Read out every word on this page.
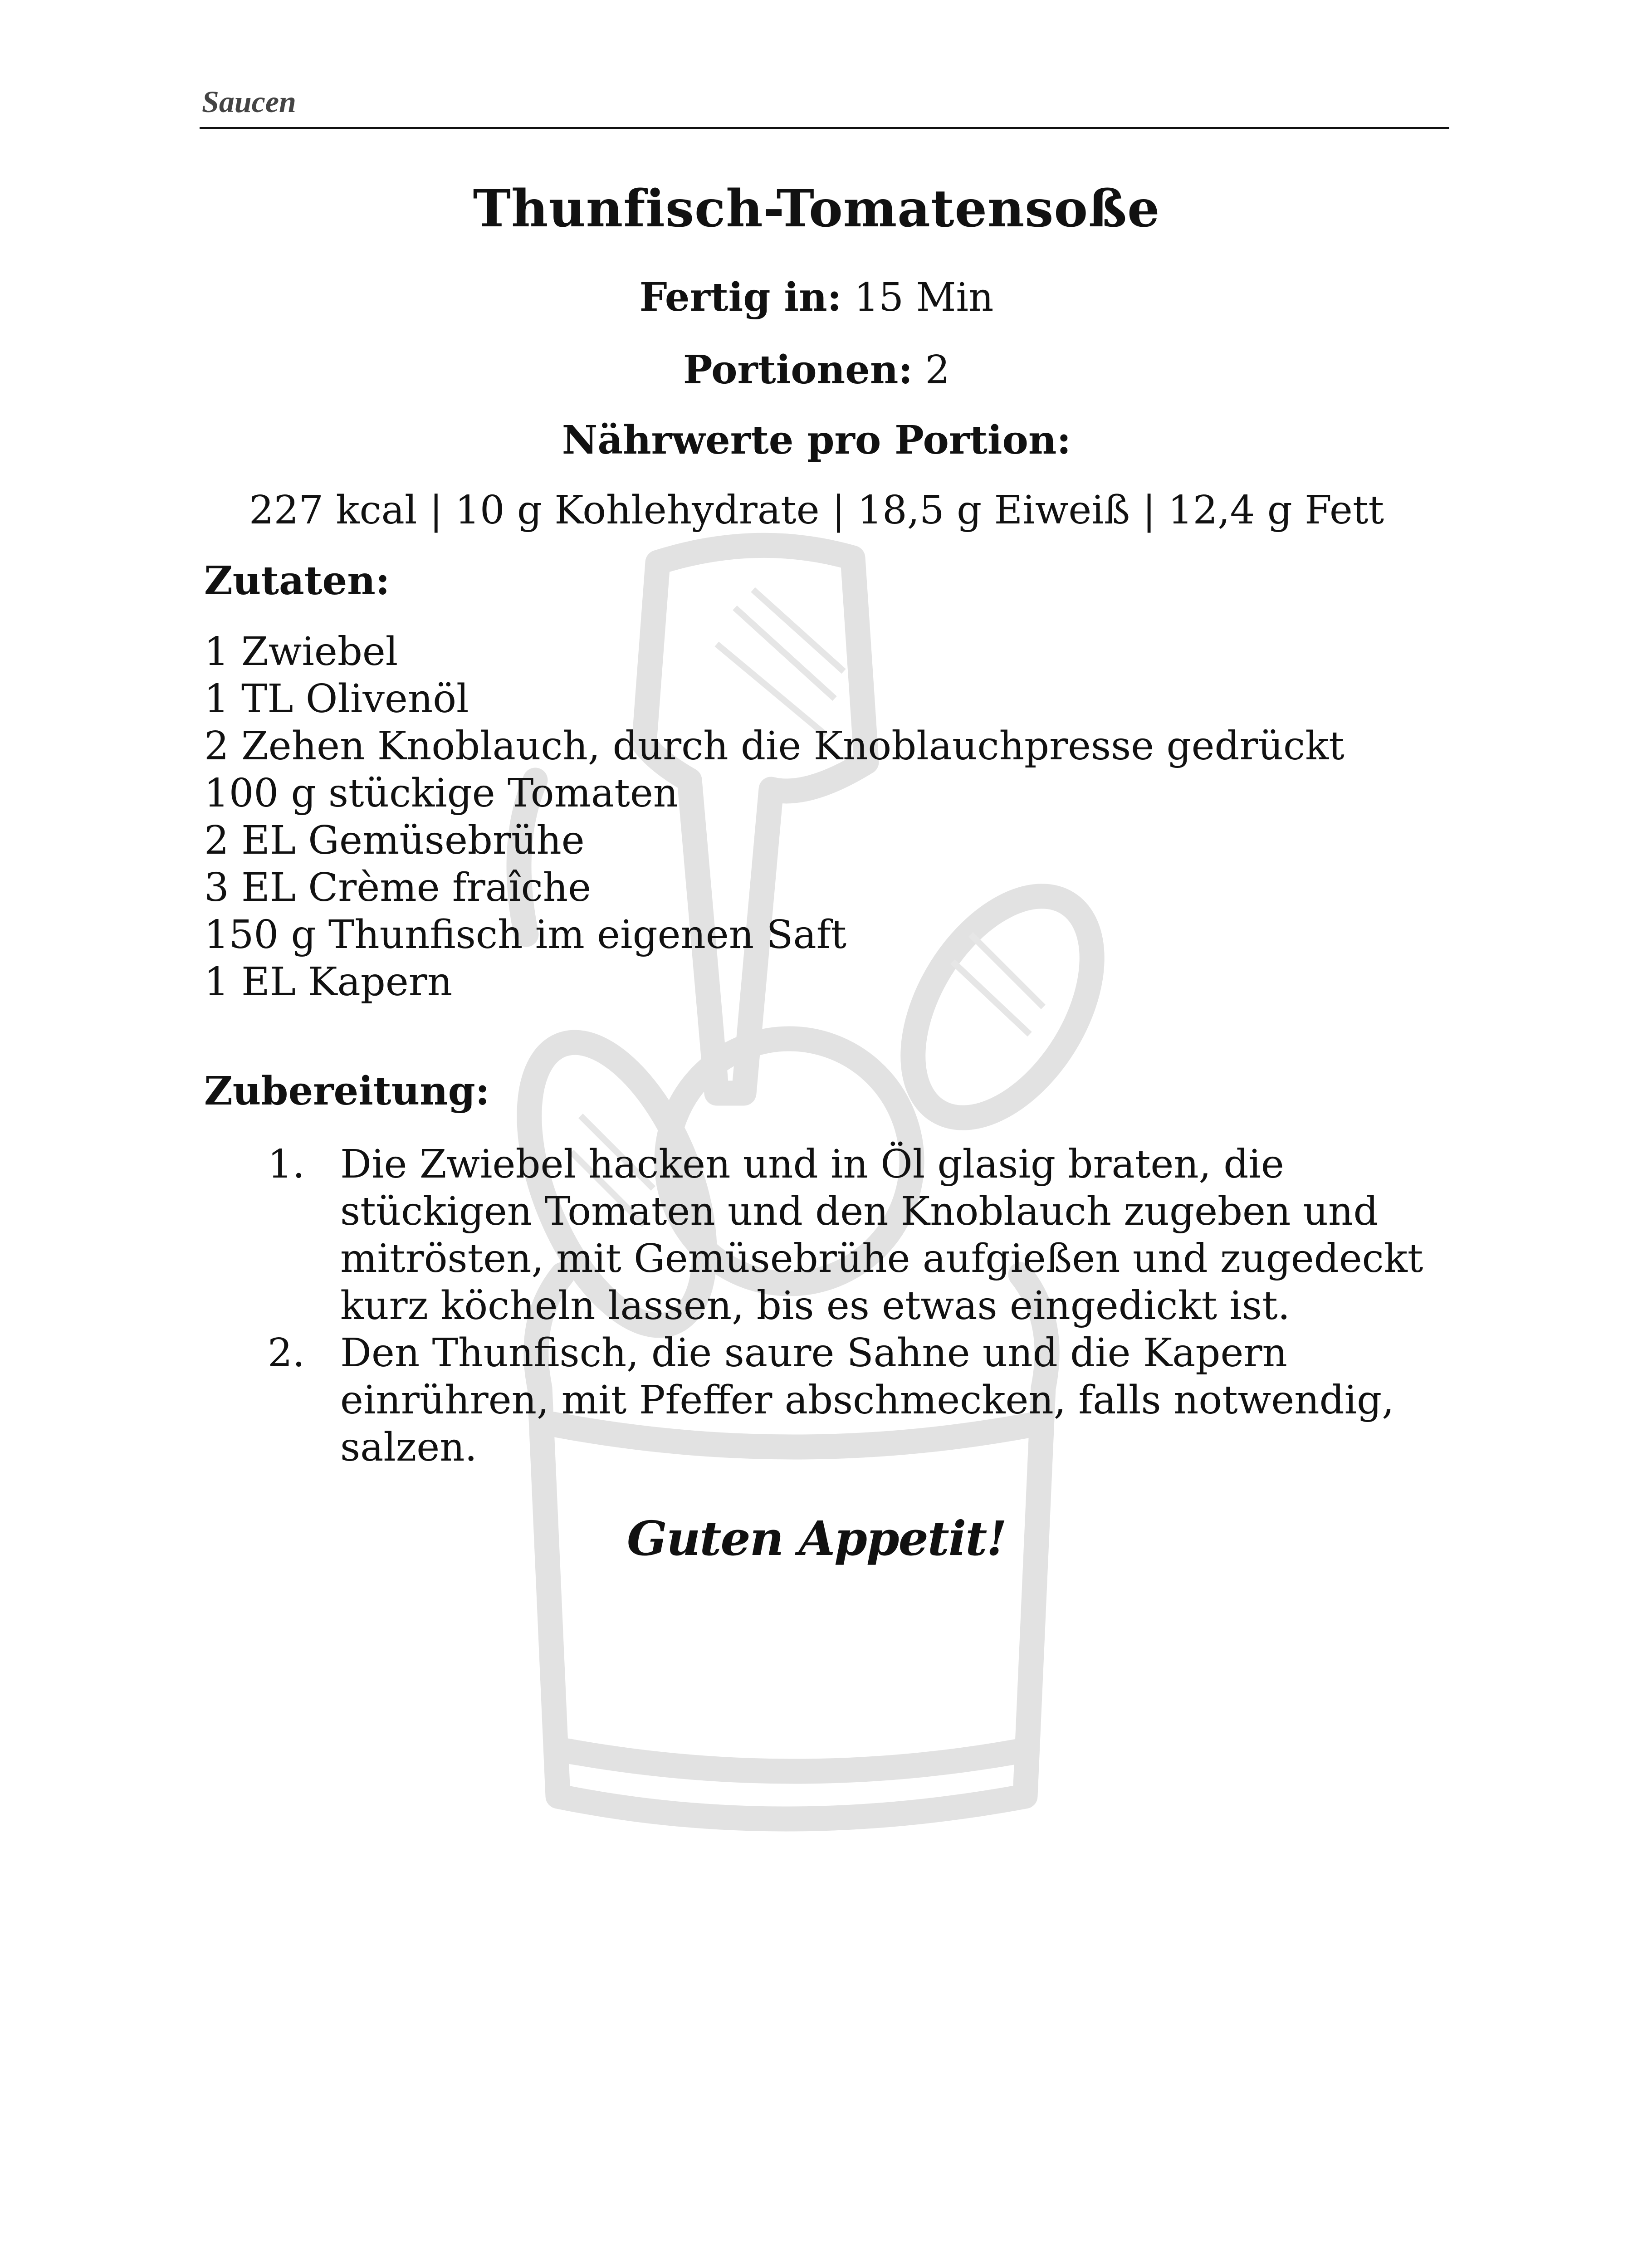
Saucen
Thunfisch-Tomatensoße
Fertig in: 15 Min
Portionen: 2
Nährwerte pro Portion:
227 kcal | 10 g Kohlehydrate | 18,5 g Eiweiß | 12,4 g Fett
Zutaten:
1 Zwiebel
1 TL Olivenöl
2 Zehen Knoblauch, durch die Knoblauchpresse gedrückt
100 g stückige Tomaten
2 EL Gemüsebrühe
3 EL Crème fraîche
150 g Thunfisch im eigenen Saft
1 EL Kapern
Zubereitung:
1. Die Zwiebel hacken und in Öl glasig braten, die stückigen Tomaten und den Knoblauch zugeben und mitrösten, mit Gemüsebrühe aufgießen und zugedeckt kurz köcheln lassen, bis es etwas eingedickt ist.
2. Den Thunfisch, die saure Sahne und die Kapern einrühren, mit Pfeffer abschmecken, falls notwendig, salzen.
Guten Appetit!
